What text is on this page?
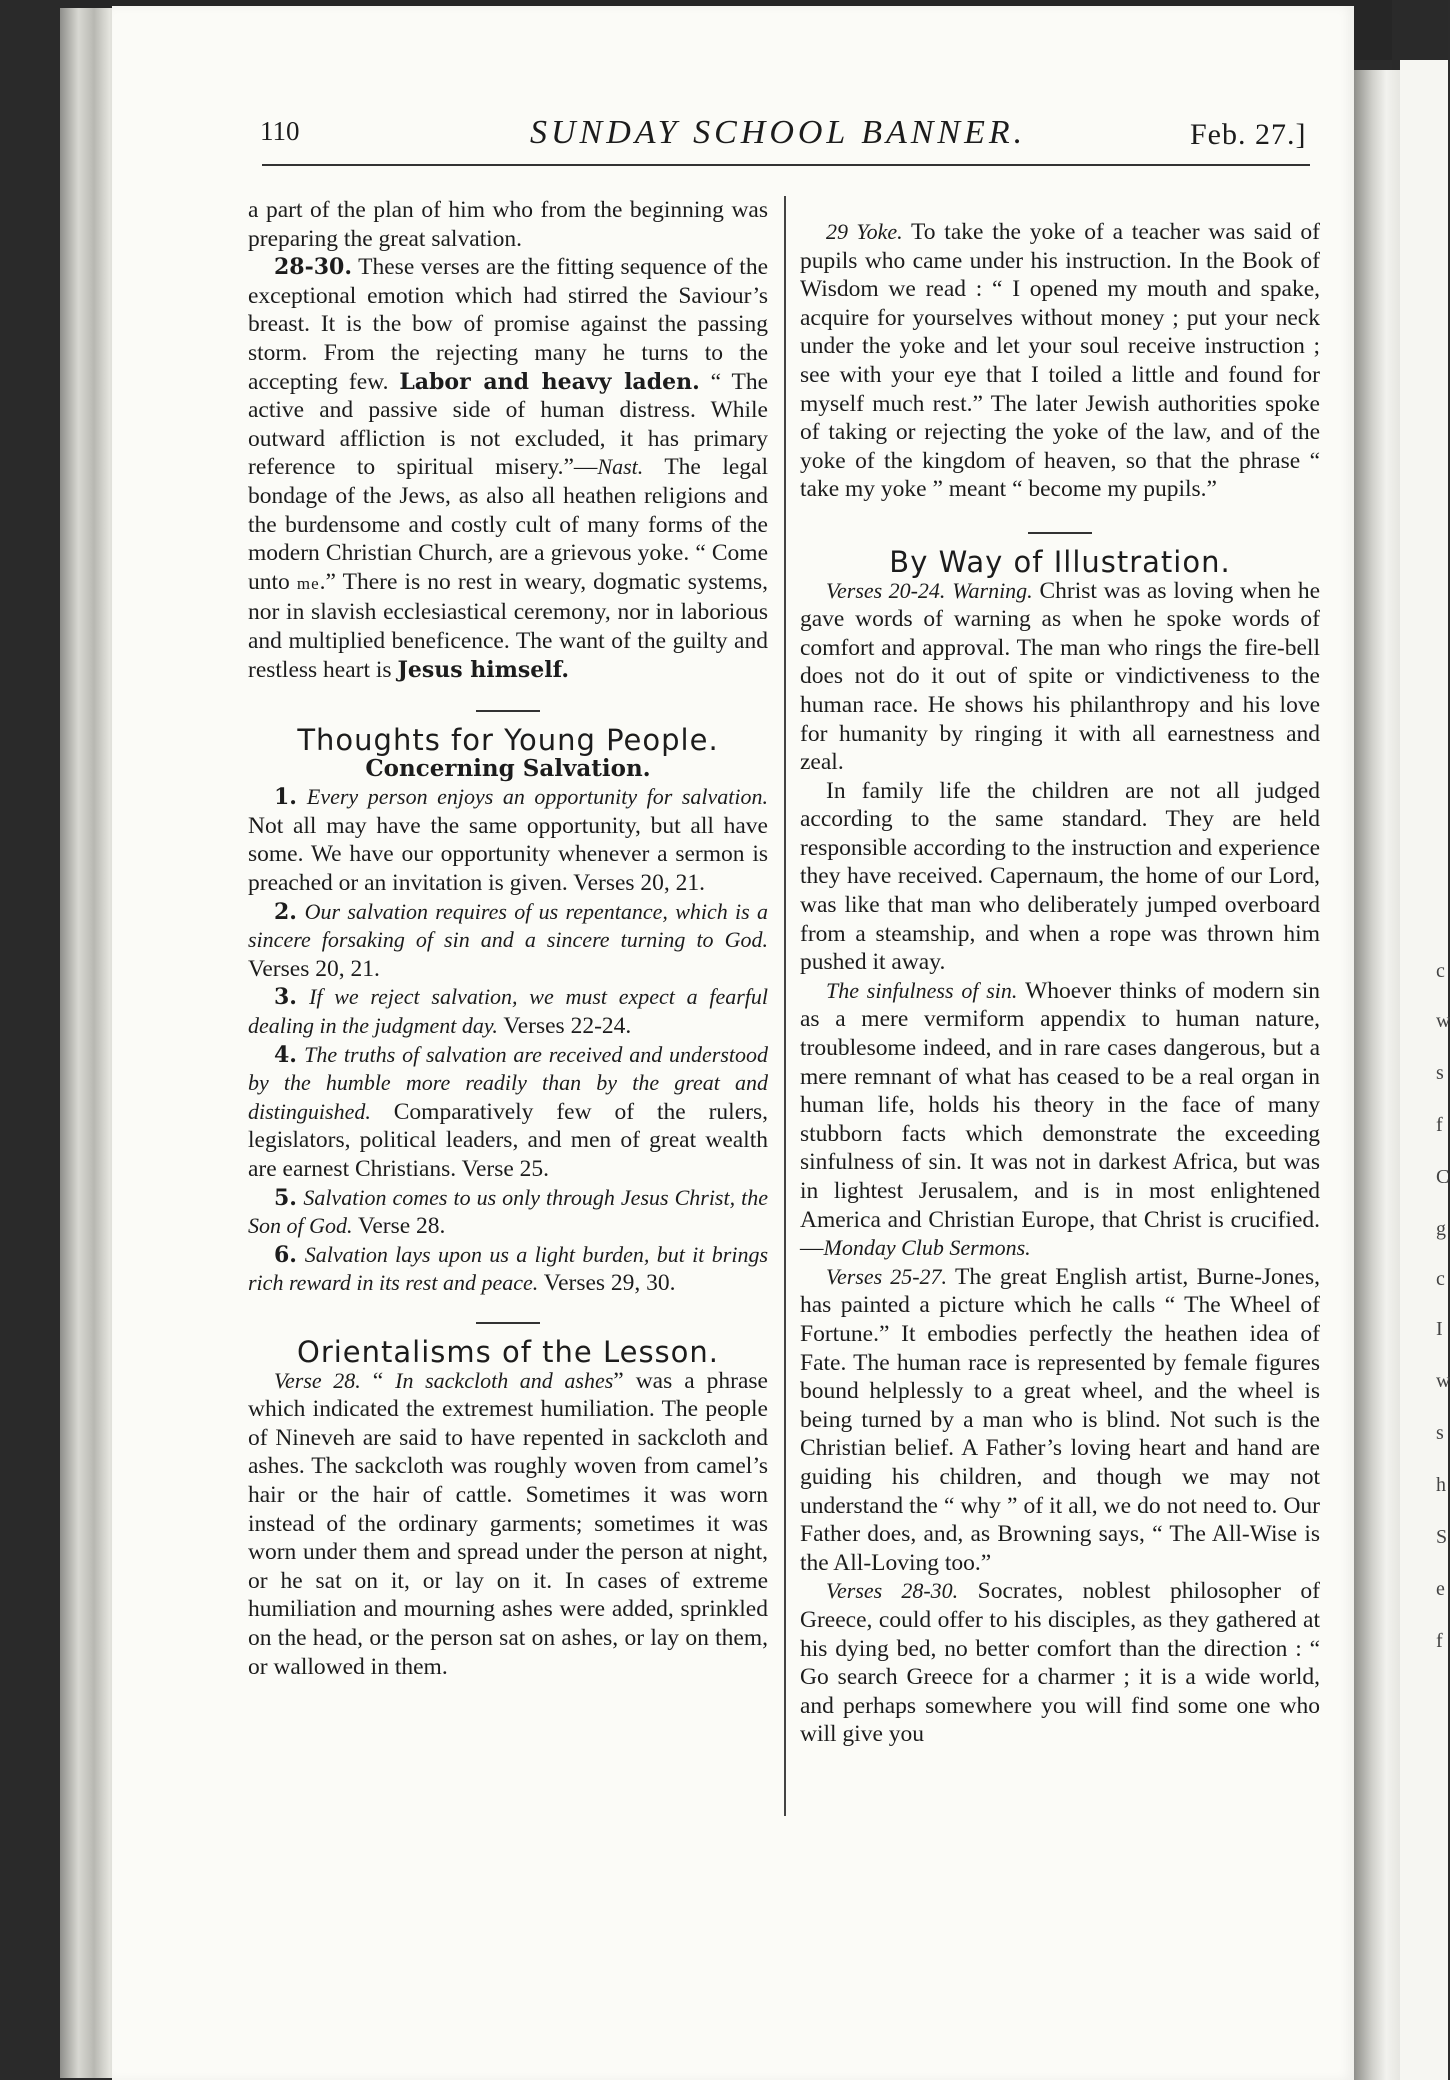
c
w
s
f
C
g
c
I
w
s
h
S
e
f
110	SUNDAY SCHOOL BANNER.	Feb. 27.]

a part of the plan of him who from the beginning was preparing the great salvation.

28-30. These verses are the fitting sequence of the exceptional emotion which had stirred the Saviour’s breast. It is the bow of promise against the passing storm. From the rejecting many he turns to the accepting few. Labor and heavy laden. “ The active and passive side of human distress. While outward affliction is not excluded, it has primary reference to spiritual misery.”—Nast. The legal bondage of the Jews, as also all heathen religions and the burdensome and costly cult of many forms of the modern Christian Church, are a grievous yoke. “ Come unto me.” There is no rest in weary, dogmatic systems, nor in slavish ecclesiastical ceremony, nor in laborious and multiplied beneficence. The want of the guilty and restless heart is Jesus himself.

Thoughts for Young People.

Concerning Salvation.

1. Every person enjoys an opportunity for salvation. Not all may have the same opportunity, but all have some. We have our opportunity whenever a sermon is preached or an invitation is given. Verses 20, 21.

2. Our salvation requires of us repentance, which is a sincere forsaking of sin and a sincere turning to God. Verses 20, 21.

3. If we reject salvation, we must expect a fearful dealing in the judgment day. Verses 22-24.

4. The truths of salvation are received and understood by the humble more readily than by the great and distinguished. Comparatively few of the rulers, legislators, political leaders, and men of great wealth are earnest Christians. Verse 25.

5. Salvation comes to us only through Jesus Christ, the Son of God. Verse 28.

6. Salvation lays upon us a light burden, but it brings rich reward in its rest and peace. Verses 29, 30.

Orientalisms of the Lesson.

Verse 28. “ In sackcloth and ashes” was a phrase which indicated the extremest humiliation. The people of Nineveh are said to have repented in sackcloth and ashes. The sackcloth was roughly woven from camel’s hair or the hair of cattle. Sometimes it was worn instead of the ordinary garments; sometimes it was worn under them and spread under the person at night, or he sat on it, or lay on it. In cases of extreme humiliation and mourning ashes were added, sprinkled on the head, or the person sat on ashes, or lay on them, or wallowed in them.

29 Yoke. To take the yoke of a teacher was said of pupils who came under his instruction. In the Book of Wisdom we read : “ I opened my mouth and spake, acquire for yourselves without money ; put your neck under the yoke and let your soul receive instruction ; see with your eye that I toiled a little and found for myself much rest.” The later Jewish authorities spoke of taking or rejecting the yoke of the law, and of the yoke of the kingdom of heaven, so that the phrase “ take my yoke ” meant “ become my pupils.”

By Way of Illustration.

Verses 20-24. Warning. Christ was as loving when he gave words of warning as when he spoke words of comfort and approval. The man who rings the fire-bell does not do it out of spite or vindictiveness to the human race. He shows his philanthropy and his love for humanity by ringing it with all earnestness and zeal.

In family life the children are not all judged according to the same standard. They are held responsible according to the instruction and experience they have received. Capernaum, the home of our Lord, was like that man who deliberately jumped overboard from a steamship, and when a rope was thrown him pushed it away.

The sinfulness of sin. Whoever thinks of modern sin as a mere vermiform appendix to human nature, troublesome indeed, and in rare cases dangerous, but a mere remnant of what has ceased to be a real organ in human life, holds his theory in the face of many stubborn facts which demonstrate the exceeding sinfulness of sin. It was not in darkest Africa, but was in lightest Jerusalem, and is in most enlightened America and Christian Europe, that Christ is crucified.—Monday Club Sermons.

Verses 25-27. The great English artist, Burne-Jones, has painted a picture which he calls “ The Wheel of Fortune.” It embodies perfectly the heathen idea of Fate. The human race is represented by female figures bound helplessly to a great wheel, and the wheel is being turned by a man who is blind. Not such is the Christian belief. A Father’s loving heart and hand are guiding his children, and though we may not understand the “ why ” of it all, we do not need to. Our Father does, and, as Browning says, “ The All-Wise is the All-Loving too.”

Verses 28-30. Socrates, noblest philosopher of Greece, could offer to his disciples, as they gathered at his dying bed, no better comfort than the direction : “ Go search Greece for a charmer ; it is a wide world, and perhaps somewhere you will find some one who will give you
